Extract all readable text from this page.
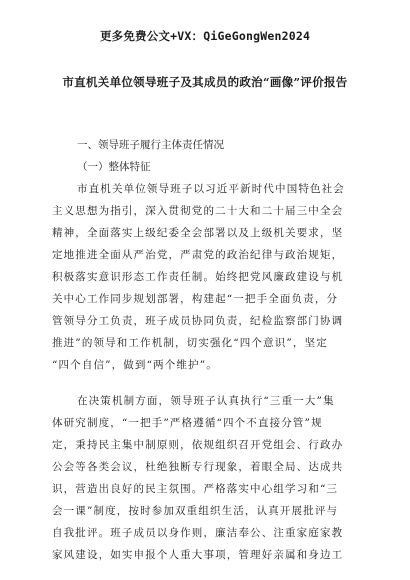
更多免费公文+VX：QiGeGongWen2024
市直机关单位领导班子及其成员的政治“画像”评价报告
一、领导班子履行主体责任情况
（一）整体特征
市直机关单位领导班子以习近平新时代中国特色社会
主义思想为指引，深入贯彻党的二十大和二十届三中全会
精神，全面落实上级纪委全会部署以及上级机关要求，坚
定地推进全面从严治党，严肃党的政治纪律与政治规矩，
积极落实意识形态工作责任制。始终把党风廉政建设与机
关中心工作同步规划部署，构建起“一把手全面负责，分
管领导分工负责，班子成员协同负责，纪检监察部门协调
推进”的领导和工作机制，切实强化“四个意识”，坚定
“四个自信”，做到“两个维护”。
在决策机制方面，领导班子认真执行“三重一大”集
体研究制度，“一把手”严格遵循“四个不直接分管”规
定，秉持民主集中制原则，依规组织召开党组会、行政办
公会等各类会议，杜绝独断专行现象，着眼全局、达成共
识，营造出良好的民主氛围。严格落实中心组学习和“三
会一课”制度，按时参加双重组织生活，认真开展批评与
自我批评。班子成员以身作则，廉洁奉公、注重家庭家教
家风建设，如实申报个人重大事项，管理好亲属和身边工
